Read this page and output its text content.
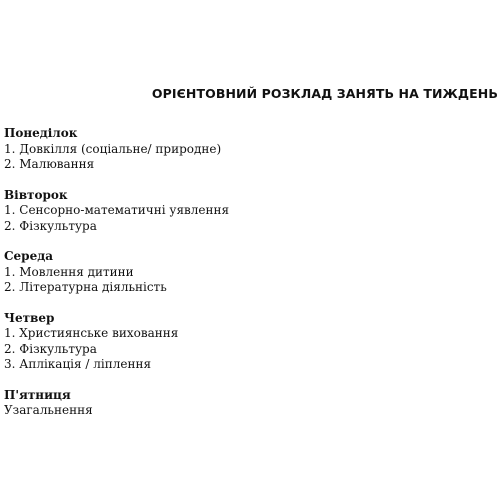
ОРІЄНТОВНИЙ РОЗКЛАД ЗАНЯТЬ НА ТИЖДЕНЬ

Понеділок

1. Довкілля (соціальне/ природне)

2. Малювання

Вівторок

1. Сенсорно-математичні уявлення

2. Фізкультура

Середа

1. Мовлення дитини

2. Літературна діяльність

Четвер

1. Християнське виховання

2. Фізкультура

3. Аплікація / ліплення

П'ятниця

Узагальнення
